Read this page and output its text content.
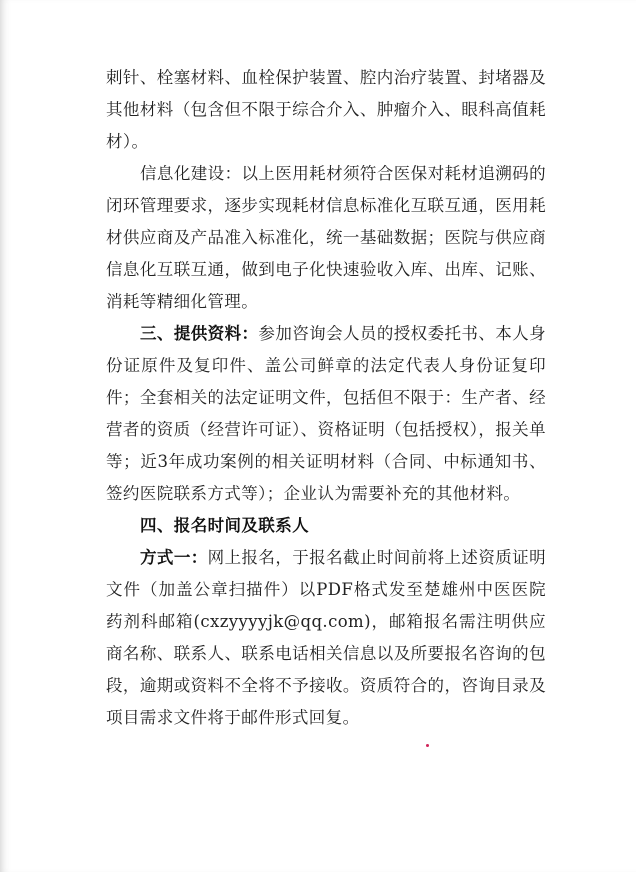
刺针、栓塞材料、血栓保护装置、腔内治疗装置、封堵器及其他材料（包含但不限于综合介入、肿瘤介入、眼科高值耗材）。

信息化建设：以上医用耗材须符合医保对耗材追溯码的闭环管理要求，逐步实现耗材信息标准化互联互通，医用耗材供应商及产品准入标准化，统一基础数据；医院与供应商信息化互联互通，做到电子化快速验收入库、出库、记账、消耗等精细化管理。

三、提供资料：参加咨询会人员的授权委托书、本人身份证原件及复印件、盖公司鲜章的法定代表人身份证复印件；全套相关的法定证明文件，包括但不限于：生产者、经营者的资质（经营许可证）、资格证明（包括授权），报关单等；近3年成功案例的相关证明材料（合同、中标通知书、签约医院联系方式等）；企业认为需要补充的其他材料。

四、报名时间及联系人

方式一：网上报名，于报名截止时间前将上述资质证明文件（加盖公章扫描件）以PDF格式发至楚雄州中医医院药剂科邮箱(cxzyyyyjk@qq.com)，邮箱报名需注明供应商名称、联系人、联系电话相关信息以及所要报名咨询的包段，逾期或资料不全将不予接收。资质符合的，咨询目录及项目需求文件将于邮件形式回复。
